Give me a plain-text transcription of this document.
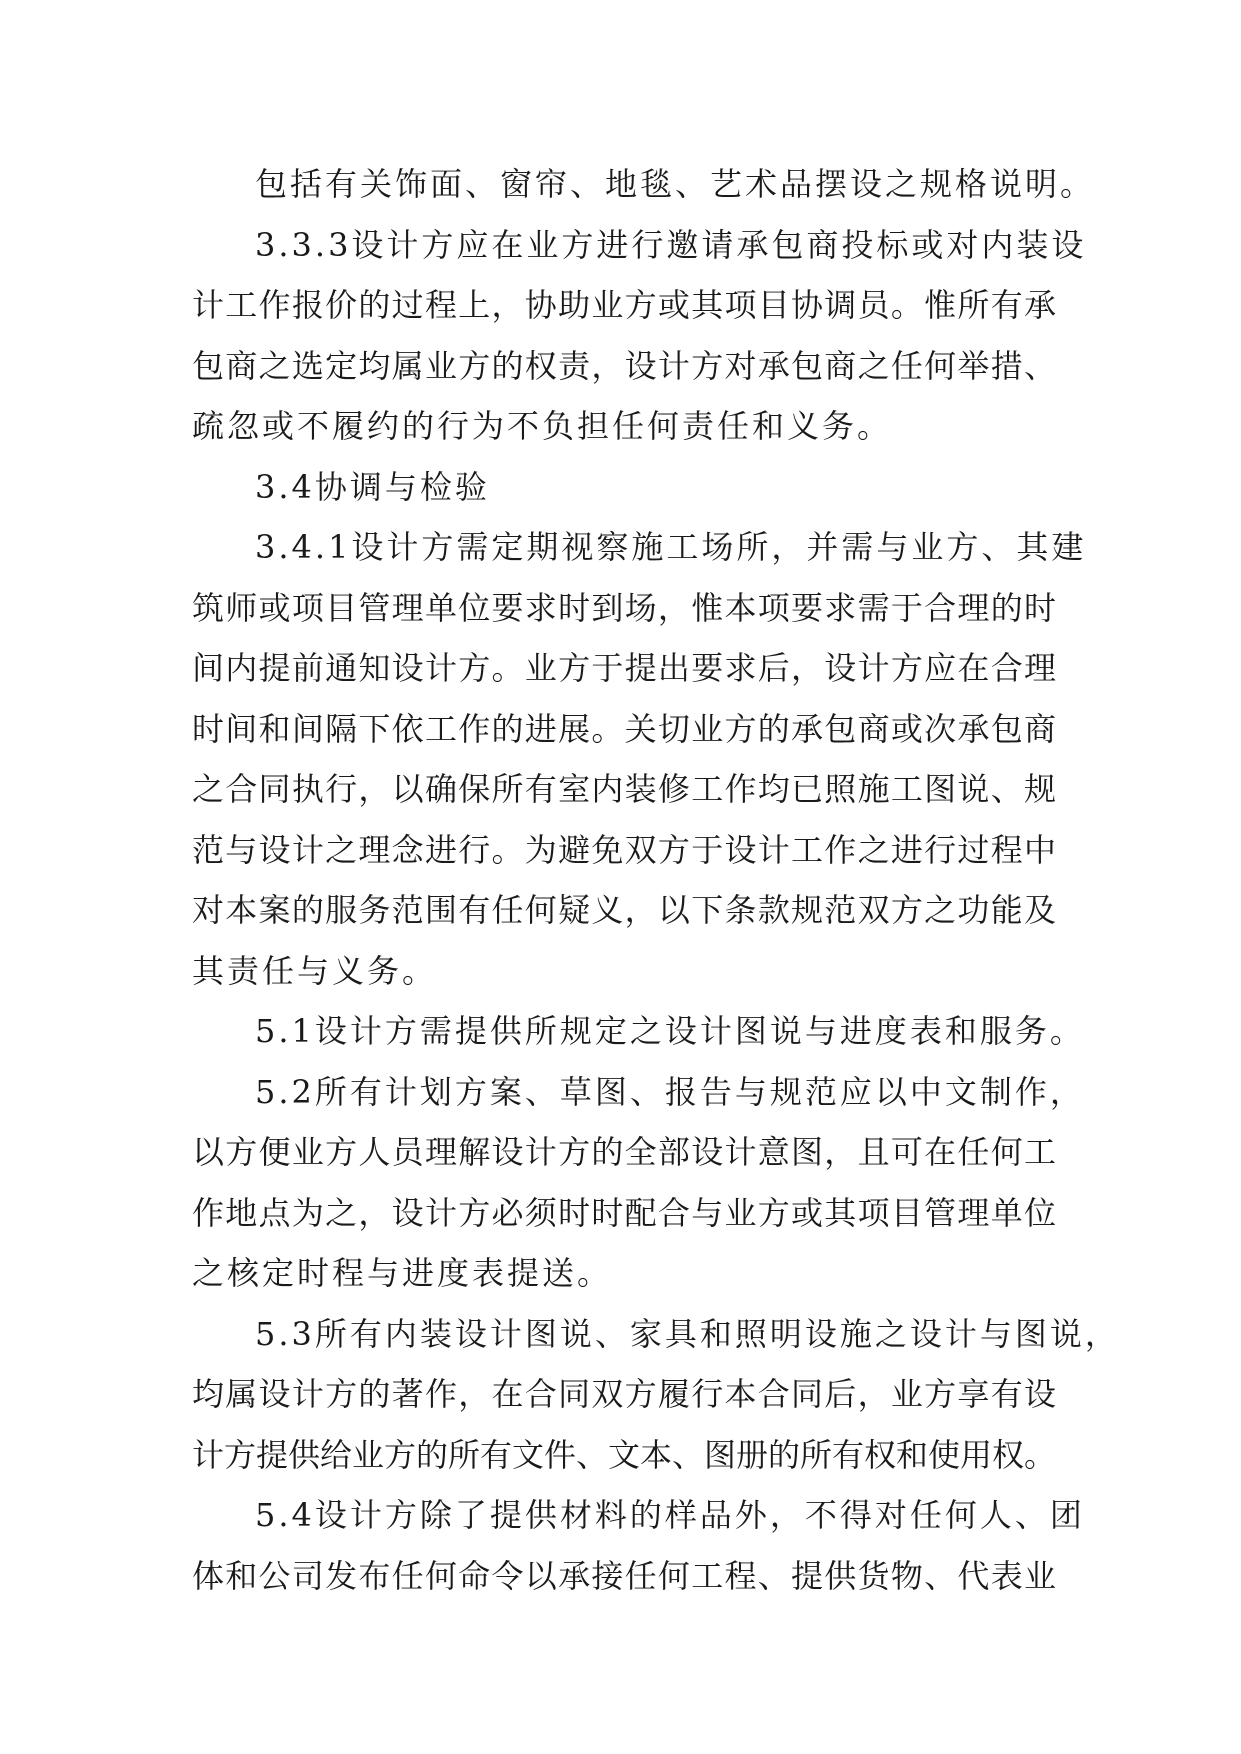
包括有关饰面、窗帘、地毯、艺术品摆设之规格说明。
3.3.3设计方应在业方进行邀请承包商投标或对内装设
计工作报价的过程上，协助业方或其项目协调员。惟所有承
包商之选定均属业方的权责，设计方对承包商之任何举措、
疏忽或不履约的行为不负担任何责任和义务。
3.4协调与检验
3.4.1设计方需定期视察施工场所，并需与业方、其建
筑师或项目管理单位要求时到场，惟本项要求需于合理的时
间内提前通知设计方。业方于提出要求后，设计方应在合理
时间和间隔下依工作的进展。关切业方的承包商或次承包商
之合同执行，以确保所有室内装修工作均已照施工图说、规
范与设计之理念进行。为避免双方于设计工作之进行过程中
对本案的服务范围有任何疑义，以下条款规范双方之功能及
其责任与义务。
5.1设计方需提供所规定之设计图说与进度表和服务。
5.2所有计划方案、草图、报告与规范应以中文制作，
以方便业方人员理解设计方的全部设计意图，且可在任何工
作地点为之，设计方必须时时配合与业方或其项目管理单位
之核定时程与进度表提送。
5.3所有内装设计图说、家具和照明设施之设计与图说，
均属设计方的著作，在合同双方履行本合同后，业方享有设
计方提供给业方的所有文件、文本、图册的所有权和使用权。
5.4设计方除了提供材料的样品外，不得对任何人、团
体和公司发布任何命令以承接任何工程、提供货物、代表业
